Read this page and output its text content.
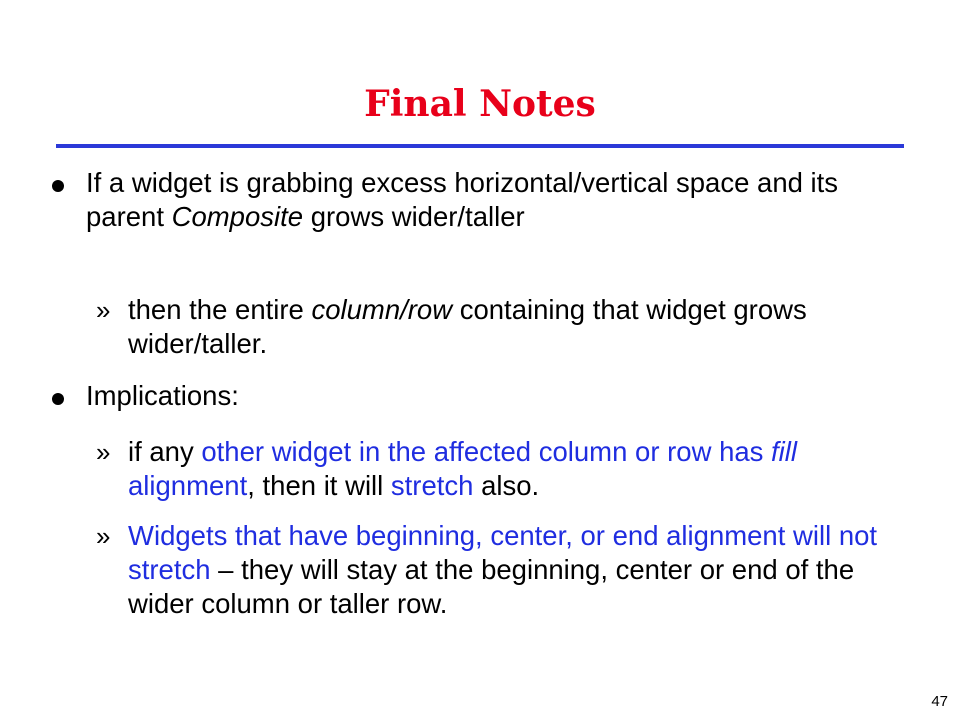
Final Notes
If a widget is grabbing excess horizontal/vertical space and its parent Composite grows wider/taller
» then the entire column/row containing that widget grows wider/taller.
Implications:
» if any other widget in the affected column or row has fill alignment, then it will stretch also.
» Widgets that have beginning, center, or end alignment will not stretch – they will stay at the beginning, center or end of the wider column or taller row.
47
